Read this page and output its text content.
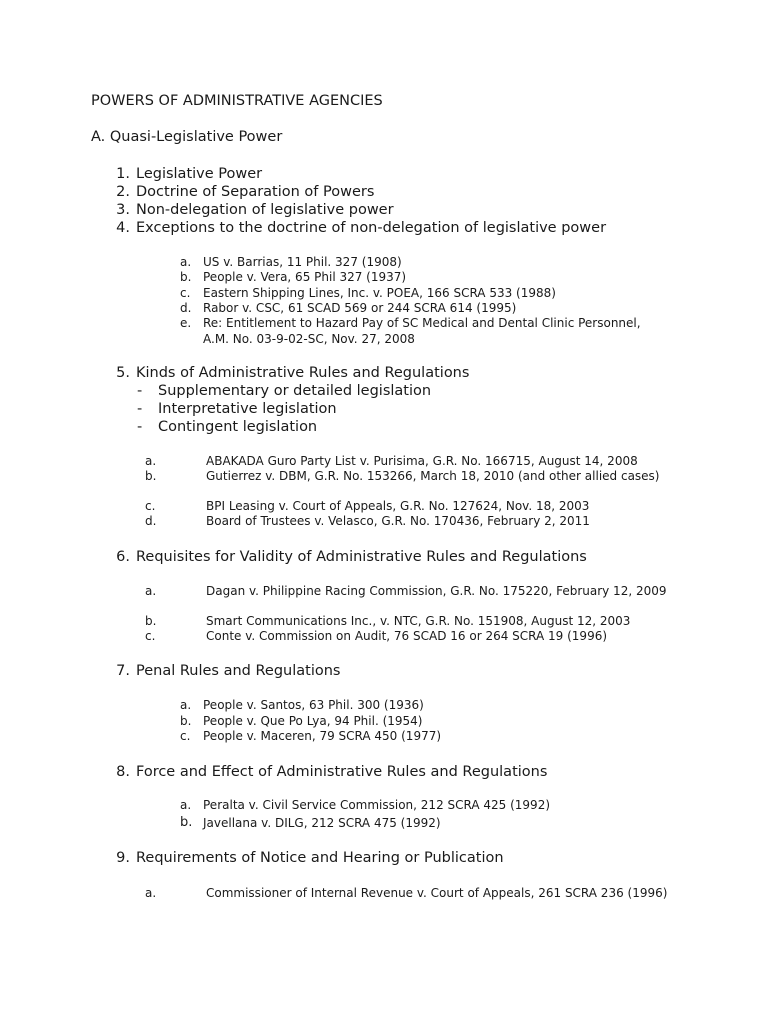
POWERS OF ADMINISTRATIVE AGENCIES
A. Quasi-Legislative Power
1. Legislative Power
2. Doctrine of Separation of Powers
3. Non-delegation of legislative power
4. Exceptions to the doctrine of non-delegation of legislative power
a. US v. Barrias, 11 Phil. 327 (1908)
b. People v. Vera, 65 Phil 327 (1937)
c. Eastern Shipping Lines, Inc. v. POEA, 166 SCRA 533 (1988)
d. Rabor v. CSC, 61 SCAD 569 or 244 SCRA 614 (1995)
e. Re: Entitlement to Hazard Pay of SC Medical and Dental Clinic Personnel,
A.M. No. 03-9-02-SC, Nov. 27, 2008
5. Kinds of Administrative Rules and Regulations
- Supplementary or detailed legislation
- Interpretative legislation
- Contingent legislation
a.	ABAKADA Guro Party List v. Purisima, G.R. No. 166715, August 14, 2008
b.	Gutierrez v. DBM, G.R. No. 153266, March 18, 2010 (and other allied cases)
c.	BPI Leasing v. Court of Appeals, G.R. No. 127624, Nov. 18, 2003
d.	Board of Trustees v. Velasco, G.R. No. 170436, February 2, 2011
6. Requisites for Validity of Administrative Rules and Regulations
a.	Dagan v. Philippine Racing Commission, G.R. No. 175220, February 12, 2009
b.	Smart Communications Inc., v. NTC, G.R. No. 151908, August 12, 2003
c.	Conte v. Commission on Audit, 76 SCAD 16 or 264 SCRA 19 (1996)
7. Penal Rules and Regulations
a. People v. Santos, 63 Phil. 300 (1936)
b. People v. Que Po Lya, 94 Phil. (1954)
c. People v. Maceren, 79 SCRA 450 (1977)
8. Force and Effect of Administrative Rules and Regulations
a. Peralta v. Civil Service Commission, 212 SCRA 425 (1992)
b. Javellana v. DILG, 212 SCRA 475 (1992)
9. Requirements of Notice and Hearing or Publication
a.	Commissioner of Internal Revenue v. Court of Appeals, 261 SCRA 236 (1996)
